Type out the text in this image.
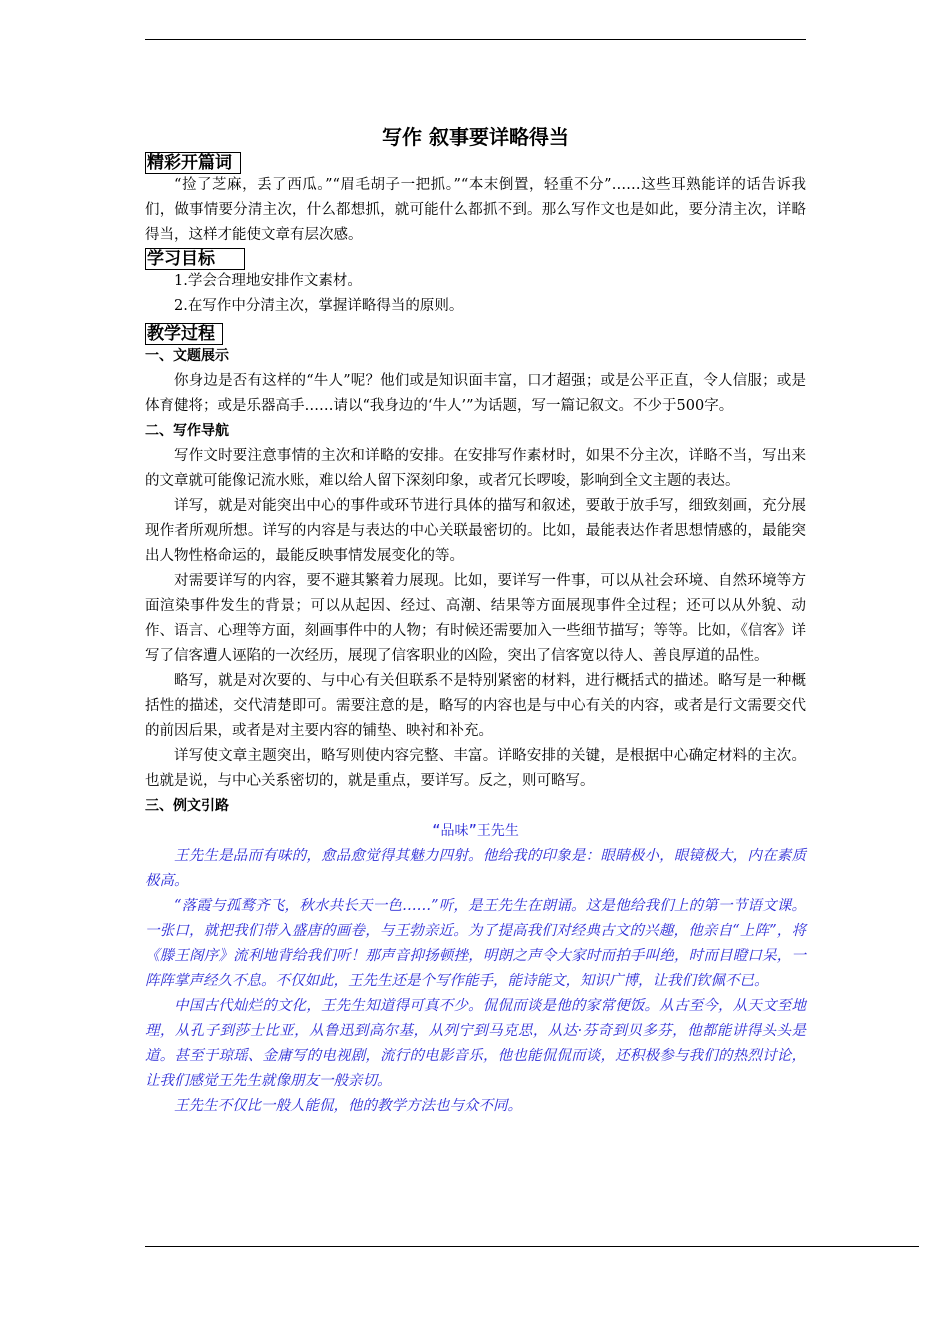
写作 叙事要详略得当
精彩开篇词

“捡了芝麻，丢了西瓜。”“眉毛胡子一把抓。”“本末倒置，轻重不分”……这些耳熟能详的话告诉我们，做事情要分清主次，什么都想抓，就可能什么都抓不到。那么写作文也是如此，要分清主次，详略得当，这样才能使文章有层次感。

学习目标

1.学会合理地安排作文素材。

2.在写作中分清主次，掌握详略得当的原则。

教学过程
一、文题展示

你身边是否有这样的“牛人”呢？他们或是知识面丰富，口才超强；或是公平正直，令人信服；或是体育健将；或是乐器高手……请以“我身边的‘牛人’”为话题，写一篇记叙文。不少于500字。

二、写作导航

写作文时要注意事情的主次和详略的安排。在安排写作素材时，如果不分主次，详略不当，写出来的文章就可能像记流水账，难以给人留下深刻印象，或者冗长啰唆，影响到全文主题的表达。

详写，就是对能突出中心的事件或环节进行具体的描写和叙述，要敢于放手写，细致刻画，充分展现作者所观所想。详写的内容是与表达的中心关联最密切的。比如，最能表达作者思想情感的，最能突出人物性格命运的，最能反映事情发展变化的等。

对需要详写的内容，要不避其繁着力展现。比如，要详写一件事，可以从社会环境、自然环境等方面渲染事件发生的背景；可以从起因、经过、高潮、结果等方面展现事件全过程；还可以从外貌、动作、语言、心理等方面，刻画事件中的人物；有时候还需要加入一些细节描写；等等。比如，《信客》详写了信客遭人诬陷的一次经历，展现了信客职业的凶险，突出了信客宽以待人、善良厚道的品性。

略写，就是对次要的、与中心有关但联系不是特别紧密的材料，进行概括式的描述。略写是一种概括性的描述，交代清楚即可。需要注意的是，略写的内容也是与中心有关的内容，或者是行文需要交代的前因后果，或者是对主要内容的铺垫、映衬和补充。

详写使文章主题突出，略写则使内容完整、丰富。详略安排的关键，是根据中心确定材料的主次。也就是说，与中心关系密切的，就是重点，要详写。反之，则可略写。

三、例文引路
“品味”王先生

王先生是品而有味的，愈品愈觉得其魅力四射。他给我的印象是：眼睛极小，眼镜极大，内在素质极高。

“落霞与孤鹜齐飞，秋水共长天一色……”听，是王先生在朗诵。这是他给我们上的第一节语文课。一张口，就把我们带入盛唐的画卷，与王勃亲近。为了提高我们对经典古文的兴趣，他亲自“上阵”，将《滕王阁序》流利地背给我们听！那声音抑扬顿挫，明朗之声令大家时而拍手叫绝，时而目瞪口呆，一阵阵掌声经久不息。不仅如此，王先生还是个写作能手，能诗能文，知识广博，让我们钦佩不已。

中国古代灿烂的文化，王先生知道得可真不少。侃侃而谈是他的家常便饭。从古至今，从天文至地理，从孔子到莎士比亚，从鲁迅到高尔基，从列宁到马克思，从达·芬奇到贝多芬，他都能讲得头头是道。甚至于琼瑶、金庸写的电视剧，流行的电影音乐，他也能侃侃而谈，还积极参与我们的热烈讨论，让我们感觉王先生就像朋友一般亲切。

王先生不仅比一般人能侃，他的教学方法也与众不同。
